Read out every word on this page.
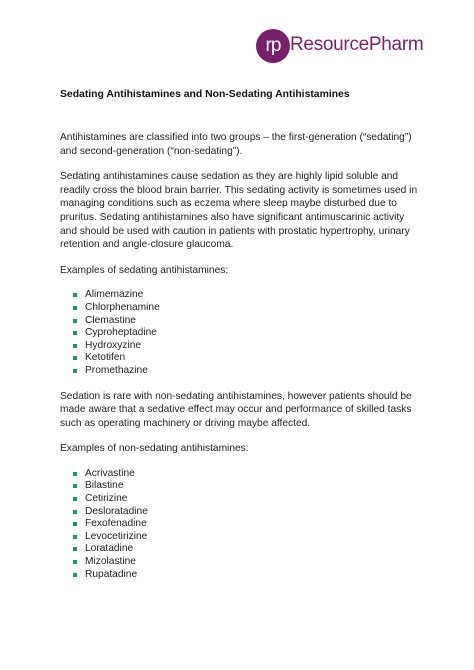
rp ResourcePharm
Sedating Antihistamines and Non-Sedating Antihistamines

Antihistamines are classified into two groups – the first-generation (“sedating”) and second-generation (“non-sedating”).

Sedating antihistamines cause sedation as they are highly lipid soluble and readily cross the blood brain barrier. This sedating activity is sometimes used in managing conditions such as eczema where sleep maybe disturbed due to pruritus. Sedating antihistamines also have significant antimuscarinic activity and should be used with caution in patients with prostatic hypertrophy, urinary retention and angle-closure glaucoma.

Examples of sedating antihistamines:

Alimemazine
Chlorphenamine
Clemastine
Cyproheptadine
Hydroxyzine
Ketotifen
Promethazine

Sedation is rare with non-sedating antihistamines, however patients should be made aware that a sedative effect may occur and performance of skilled tasks such as operating machinery or driving maybe affected.

Examples of non-sedating antihistamines:

Acrivastine
Bilastine
Cetirizine
Desloratadine
Fexofenadine
Levocetirizine
Loratadine
Mizolastine
Rupatadine
